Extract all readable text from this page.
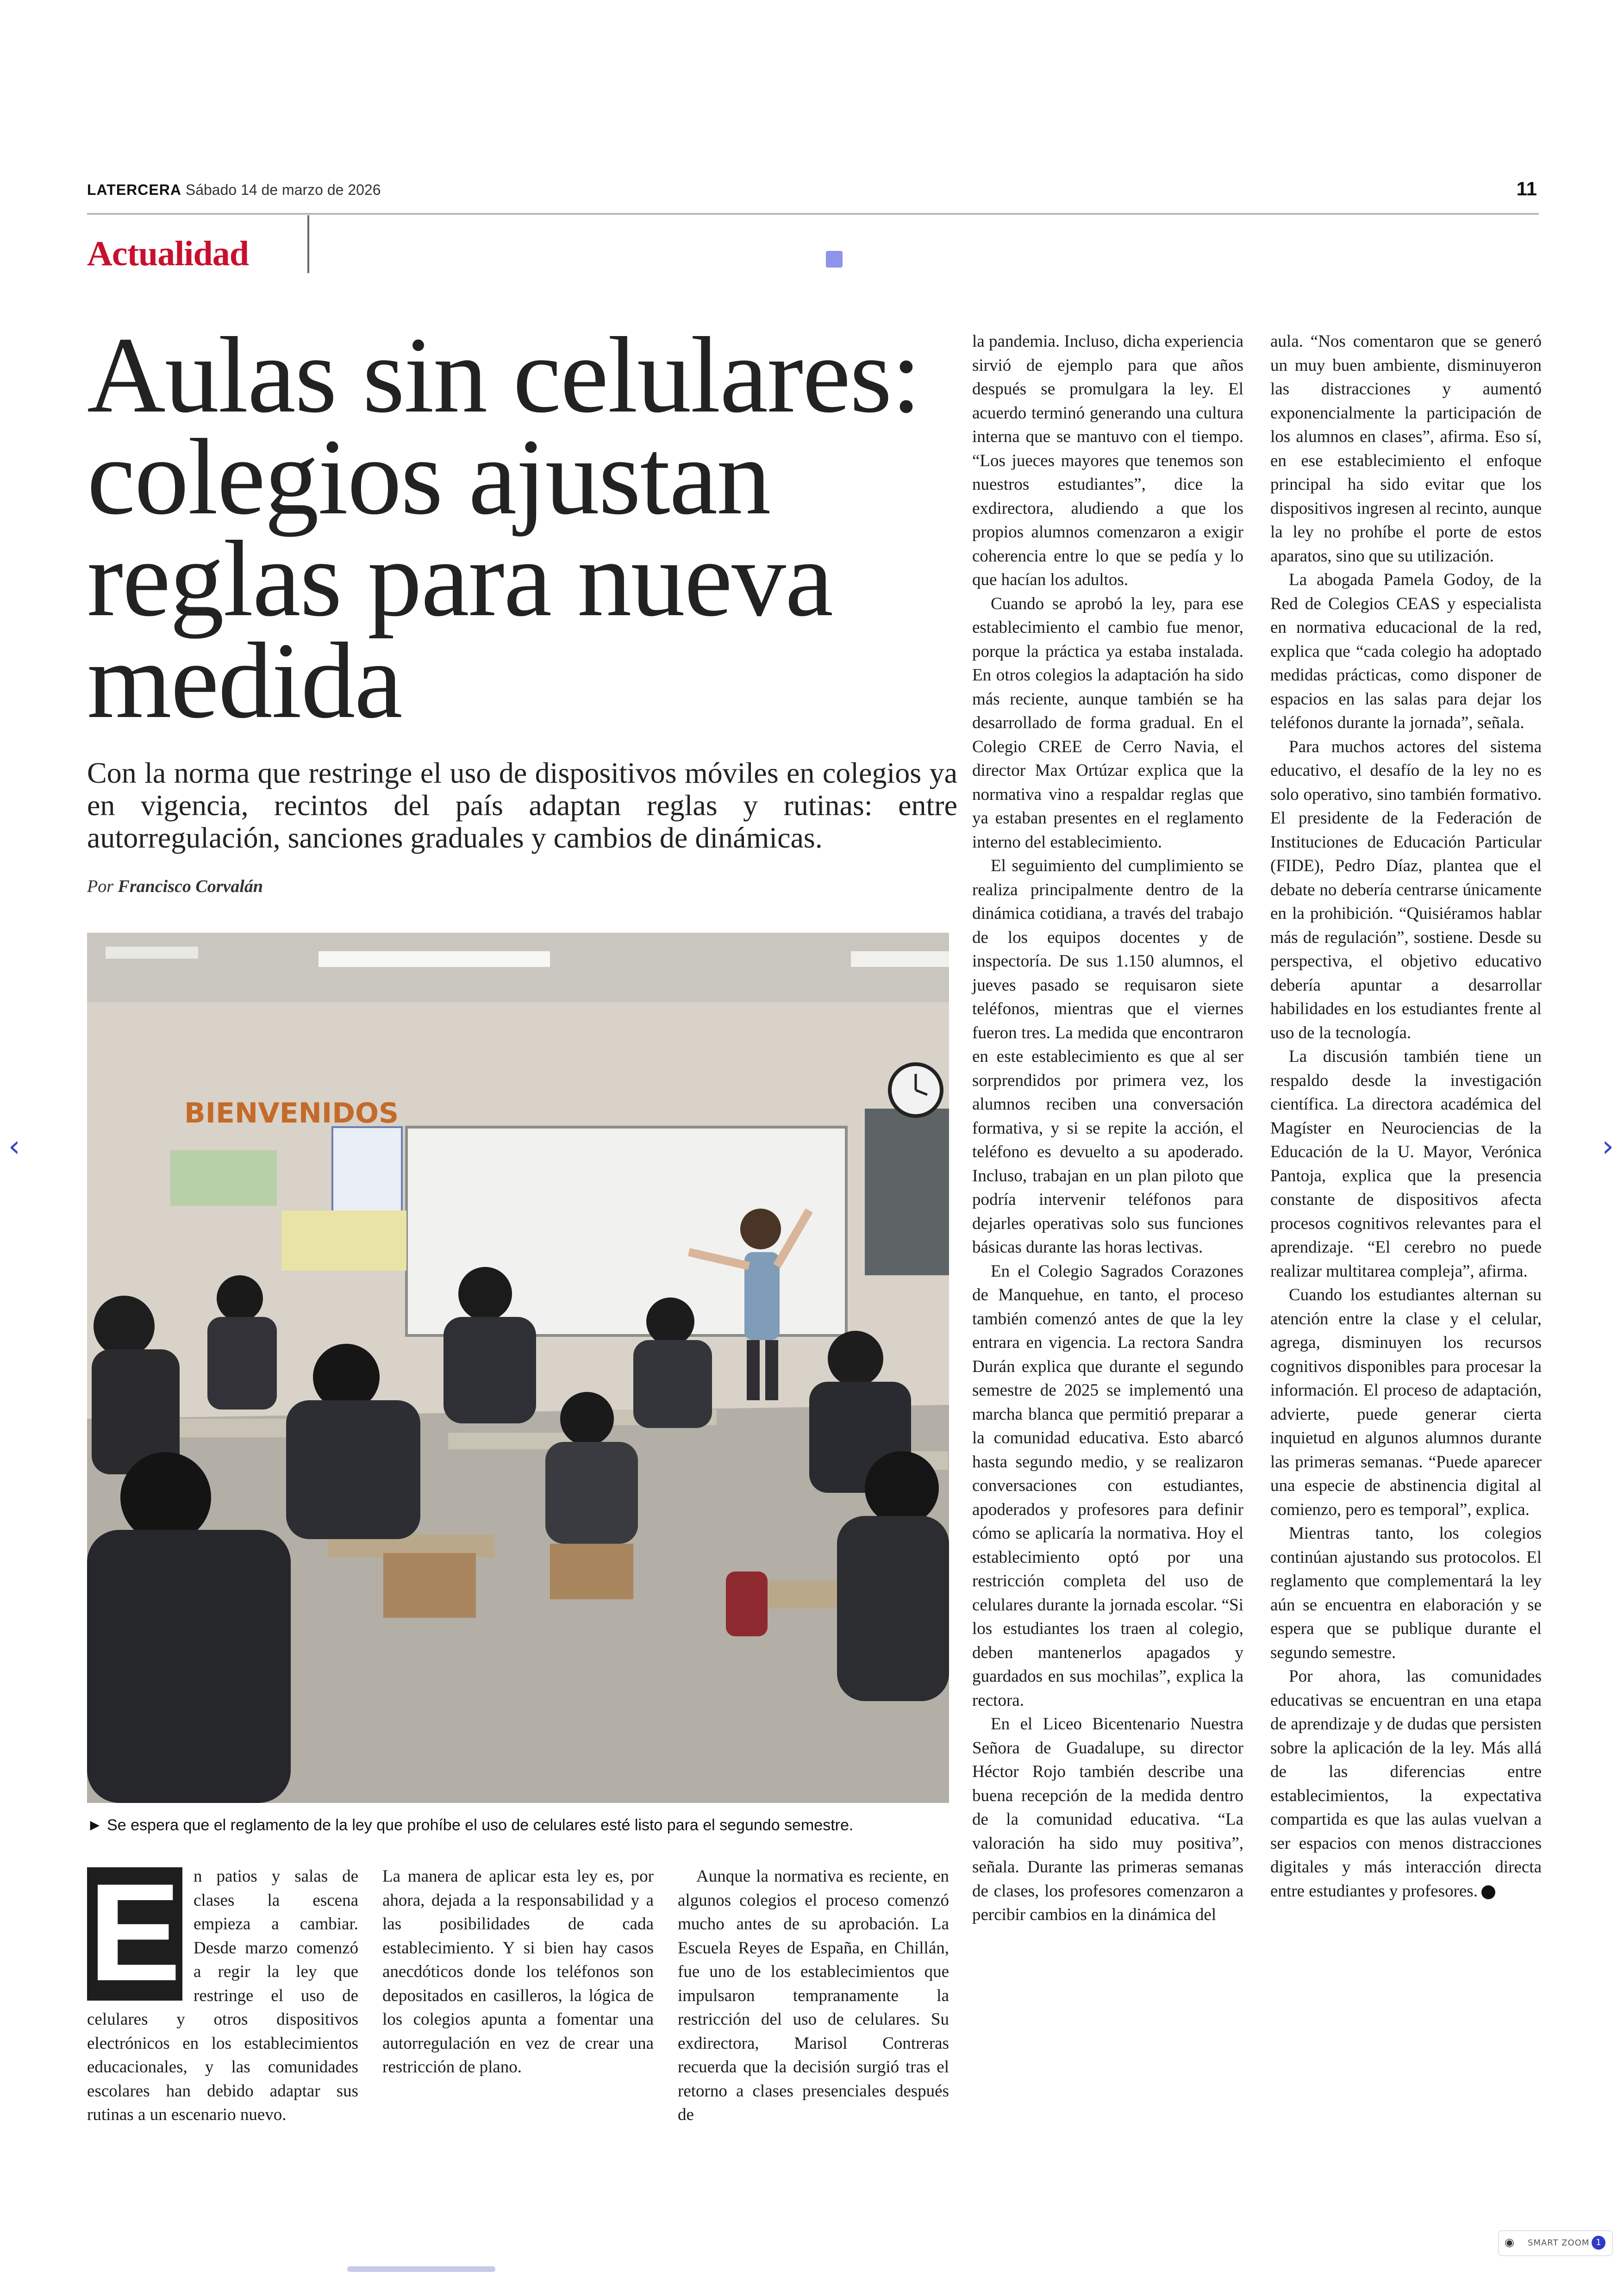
LATERCERA Sábado 14 de marzo de 2026	11
Actualidad
Aulas sin celulares: colegios ajustan reglas para nueva medida
Con la norma que restringe el uso de dispositivos móviles en colegios ya en vigencia, recintos del país adaptan reglas y rutinas: entre autorregulación, sanciones graduales y cambios de dinámicas.
Por Francisco Corvalán
BIENVENIDOS
► Se espera que el reglamento de la ley que prohíbe el uso de celulares esté listo para el segundo semestre.
E n patios y salas de clases la escena empieza a cambiar. Desde marzo comenzó a regir la ley que restringe el uso de celulares y otros dispositivos electrónicos en los establecimientos educacionales, y las comunidades escolares han debido adaptar sus rutinas a un escenario nuevo.

La manera de aplicar esta ley es, por ahora, dejada a la responsabilidad y a las posibilidades de cada establecimiento. Y si bien hay casos anecdóticos donde los teléfonos son depositados en casilleros, la lógica de los colegios apunta a fomentar una autorregulación en vez de crear una restricción de plano.

Aunque la normativa es reciente, en algunos colegios el proceso comenzó mucho antes de su aprobación. La Escuela Reyes de España, en Chillán, fue uno de los establecimientos que impulsaron tempranamente la restricción del uso de celulares. Su exdirectora, Marisol Contreras recuerda que la decisión surgió tras el retorno a clases presenciales después de

la pandemia. Incluso, dicha experiencia sirvió de ejemplo para que años después se promulgara la ley. El acuerdo terminó generando una cultura interna que se mantuvo con el tiempo. “Los jueces mayores que tenemos son nuestros estudiantes”, dice la exdirectora, aludiendo a que los propios alumnos comenzaron a exigir coherencia entre lo que se pedía y lo que hacían los adultos.

Cuando se aprobó la ley, para ese establecimiento el cambio fue menor, porque la práctica ya estaba instalada. En otros colegios la adaptación ha sido más reciente, aunque también se ha desarrollado de forma gradual. En el Colegio CREE de Cerro Navia, el director Max Ortúzar explica que la normativa vino a respaldar reglas que ya estaban presentes en el reglamento interno del establecimiento.

El seguimiento del cumplimiento se realiza principalmente dentro de la dinámica cotidiana, a través del trabajo de los equipos docentes y de inspectoría. De sus 1.150 alumnos, el jueves pasado se requisaron siete teléfonos, mientras que el viernes fueron tres. La medida que encontraron en este establecimiento es que al ser sorprendidos por primera vez, los alumnos reciben una conversación formativa, y si se repite la acción, el teléfono es devuelto a su apoderado. Incluso, trabajan en un plan piloto que podría intervenir teléfonos para dejarles operativas solo sus funciones básicas durante las horas lectivas.

En el Colegio Sagrados Corazones de Manquehue, en tanto, el proceso también comenzó antes de que la ley entrara en vigencia. La rectora Sandra Durán explica que durante el segundo semestre de 2025 se implementó una marcha blanca que permitió preparar a la comunidad educativa. Esto abarcó hasta segundo medio, y se realizaron conversaciones con estudiantes, apoderados y profesores para definir cómo se aplicaría la normativa. Hoy el establecimiento optó por una restricción completa del uso de celulares durante la jornada escolar. “Si los estudiantes los traen al colegio, deben mantenerlos apagados y guardados en sus mochilas”, explica la rectora.

En el Liceo Bicentenario Nuestra Señora de Guadalupe, su director Héctor Rojo también describe una buena recepción de la medida dentro de la comunidad educativa. “La valoración ha sido muy positiva”, señala. Durante las primeras semanas de clases, los profesores comenzaron a percibir cambios en la dinámica del

aula. “Nos comentaron que se generó un muy buen ambiente, disminuyeron las distracciones y aumentó exponencialmente la participación de los alumnos en clases”, afirma. Eso sí, en ese establecimiento el enfoque principal ha sido evitar que los dispositivos ingresen al recinto, aunque la ley no prohíbe el porte de estos aparatos, sino que su utilización.

La abogada Pamela Godoy, de la Red de Colegios CEAS y especialista en normativa educacional de la red, explica que “cada colegio ha adoptado medidas prácticas, como disponer de espacios en las salas para dejar los teléfonos durante la jornada”, señala.

Para muchos actores del sistema educativo, el desafío de la ley no es solo operativo, sino también formativo. El presidente de la Federación de Instituciones de Educación Particular (FIDE), Pedro Díaz, plantea que el debate no debería centrarse únicamente en la prohibición. “Quisiéramos hablar más de regulación”, sostiene. Desde su perspectiva, el objetivo educativo debería apuntar a desarrollar habilidades en los estudiantes frente al uso de la tecnología.

La discusión también tiene un respaldo desde la investigación científica. La directora académica del Magíster en Neurociencias de la Educación de la U. Mayor, Verónica Pantoja, explica que la presencia constante de dispositivos afecta procesos cognitivos relevantes para el aprendizaje. “El cerebro no puede realizar multitarea compleja”, afirma.

Cuando los estudiantes alternan su atención entre la clase y el celular, agrega, disminuyen los recursos cognitivos disponibles para procesar la información. El proceso de adaptación, advierte, puede generar cierta inquietud en algunos alumnos durante las primeras semanas. “Puede aparecer una especie de abstinencia digital al comienzo, pero es temporal”, explica.

Mientras tanto, los colegios continúan ajustando sus protocolos. El reglamento que complementará la ley aún se encuentra en elaboración y se espera que se publique durante el segundo semestre.

Por ahora, las comunidades educativas se encuentran en una etapa de aprendizaje y de dudas que persisten sobre la aplicación de la ley. Más allá de las diferencias entre establecimientos, la expectativa compartida es que las aulas vuelvan a ser espacios con menos distracciones digitales y más interacción directa entre estudiantes y profesores.

‹	›
◉ SMART ZOOM 1
